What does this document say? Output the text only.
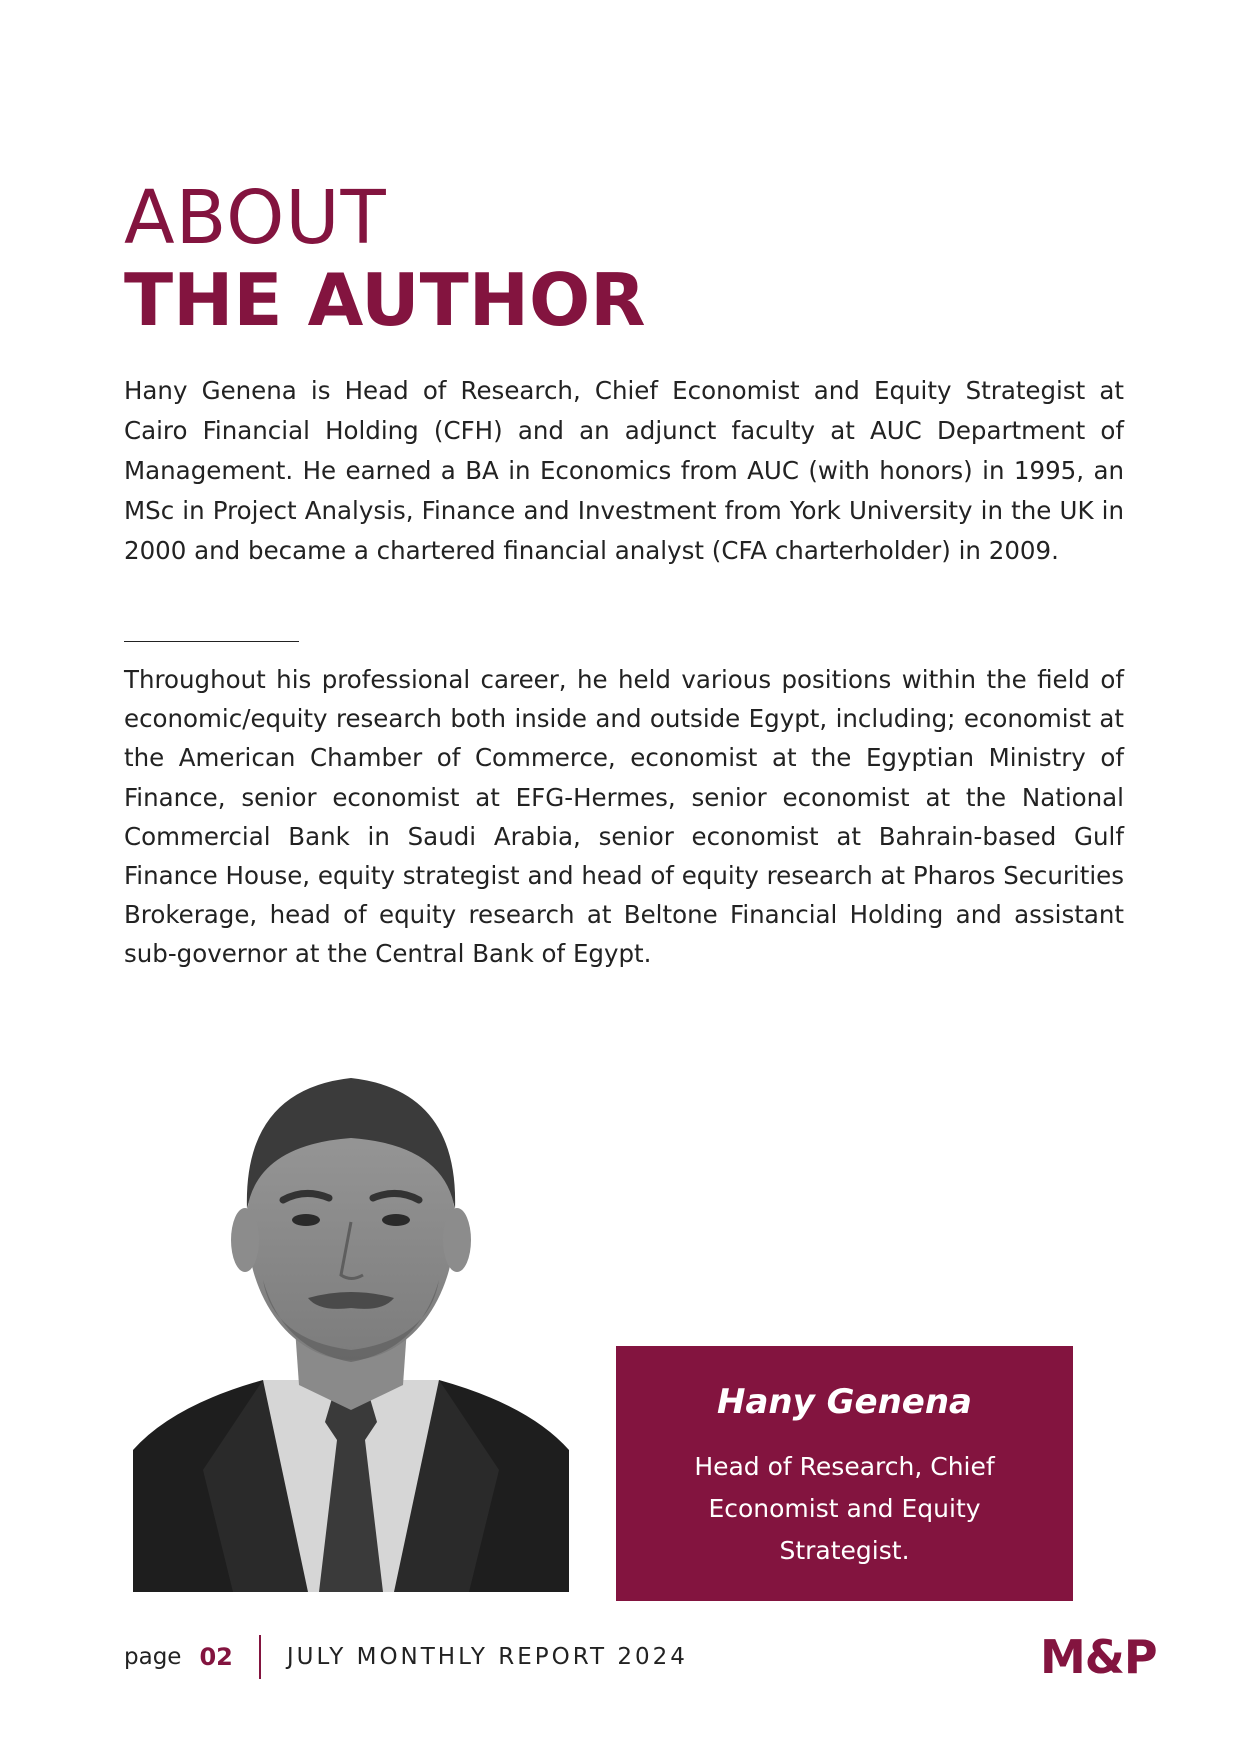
ABOUT
THE AUTHOR

Hany Genena is Head of Research, Chief Economist and Equity Strategist at Cairo Financial Holding (CFH) and an adjunct faculty at AUC Department of Management. He earned a BA in Economics from AUC (with honors) in 1995, an MSc in Project Analysis, Finance and Investment from York University in the UK in 2000 and became a chartered financial analyst (CFA charterholder) in 2009.

Throughout his professional career, he held various positions within the field of economic/equity research both inside and outside Egypt, including; economist at the American Chamber of Commerce, economist at the Egyptian Ministry of Finance, senior economist at EFG-Hermes, senior economist at the National Commercial Bank in Saudi Arabia, senior economist at Bahrain-based Gulf Finance House, equity strategist and head of equity research at Pharos Securities Brokerage, head of equity research at Beltone Financial Holding and assistant sub-governor at the Central Bank of Egypt.

Hany Genena
Head of Research, Chief Economist and Equity Strategist.
page 02 JULY MONTHLY REPORT 2024	M&P
